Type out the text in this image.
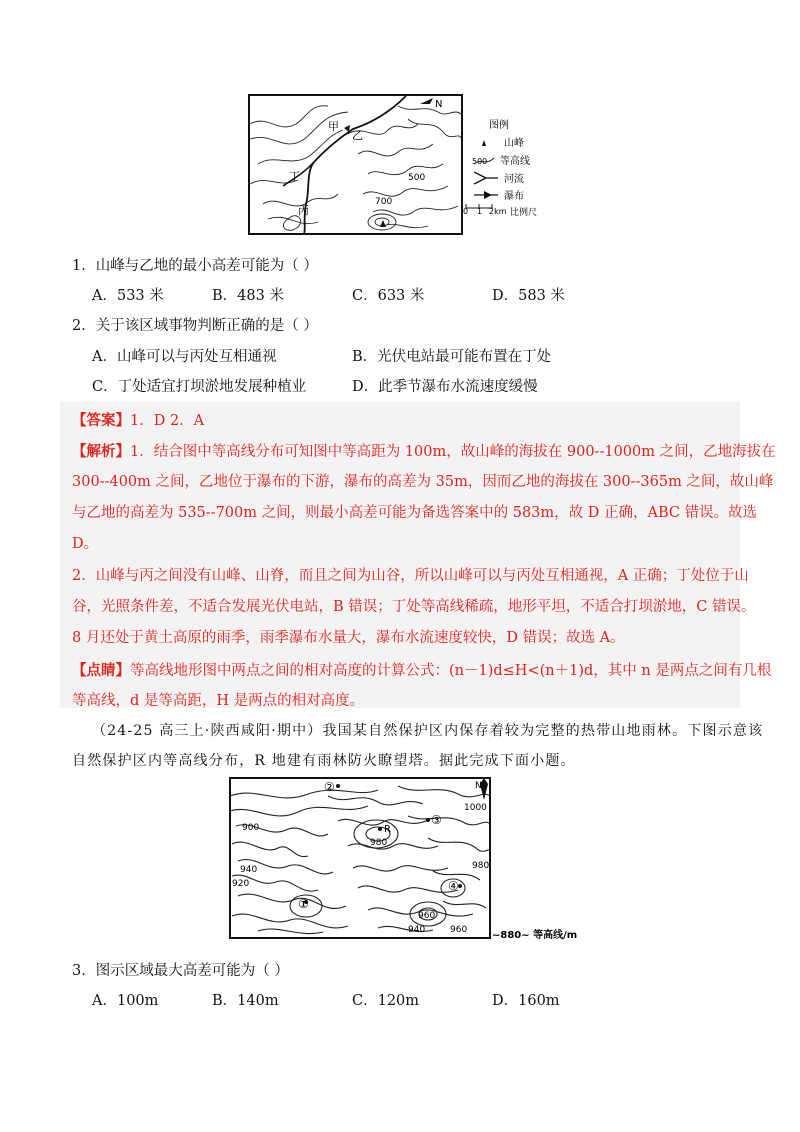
N
甲
乙
丁
丙
500
700
图例
山峰
500 等高线
河流
瀑布
0 1 2km 比例尺
1．山峰与乙地的最小高差可能为（ ）
A．533 米	B．483 米	C．633 米	D．583 米
2．关于该区域事物判断正确的是（ ）
A．山峰可以与丙处互相通视	B．光伏电站最可能布置在丁处
C．丁处适宜打坝淤地发展种植业	D．此季节瀑布水流速度缓慢
【答案】1．D 2．A
【解析】1．结合图中等高线分布可知图中等高距为 100m，故山峰的海拔在 900--1000m 之间，乙地海拔在
300--400m 之间，乙地位于瀑布的下游，瀑布的高差为 35m，因而乙地的海拔在 300--365m 之间，故山峰
与乙地的高差为 535--700m 之间，则最小高差可能为备选答案中的 583m，故 D 正确，ABC 错误。故选
D。
2．山峰与丙之间没有山峰、山脊，而且之间为山谷，所以山峰可以与丙处互相通视，A 正确；丁处位于山
谷，光照条件差，不适合发展光伏电站，B 错误；丁处等高线稀疏，地形平坦，不适合打坝淤地，C 错误。
8 月还处于黄土高原的雨季，雨季瀑布水量大，瀑布水流速度较快，D 错误；故选 A。
【点睛】等高线地形图中两点之间的相对高度的计算公式：(n－1)d≤H<(n＋1)d，其中 n 是两点之间有几根
等高线，d 是等高距，H 是两点的相对高度。
（24-25 高三上·陕西咸阳·期中）我国某自然保护区内保存着较为完整的热带山地雨林。下图示意该
自然保护区内等高线分布，R 地建有雨林防火瞭望塔。据此完成下面小题。
②
③
R
①
④
N
1000
900
980
940
920
980
960
940	960 ~880~ 等高线/m
3．图示区域最大高差可能为（ ）
A．100m	B．140m	C．120m	D．160m
